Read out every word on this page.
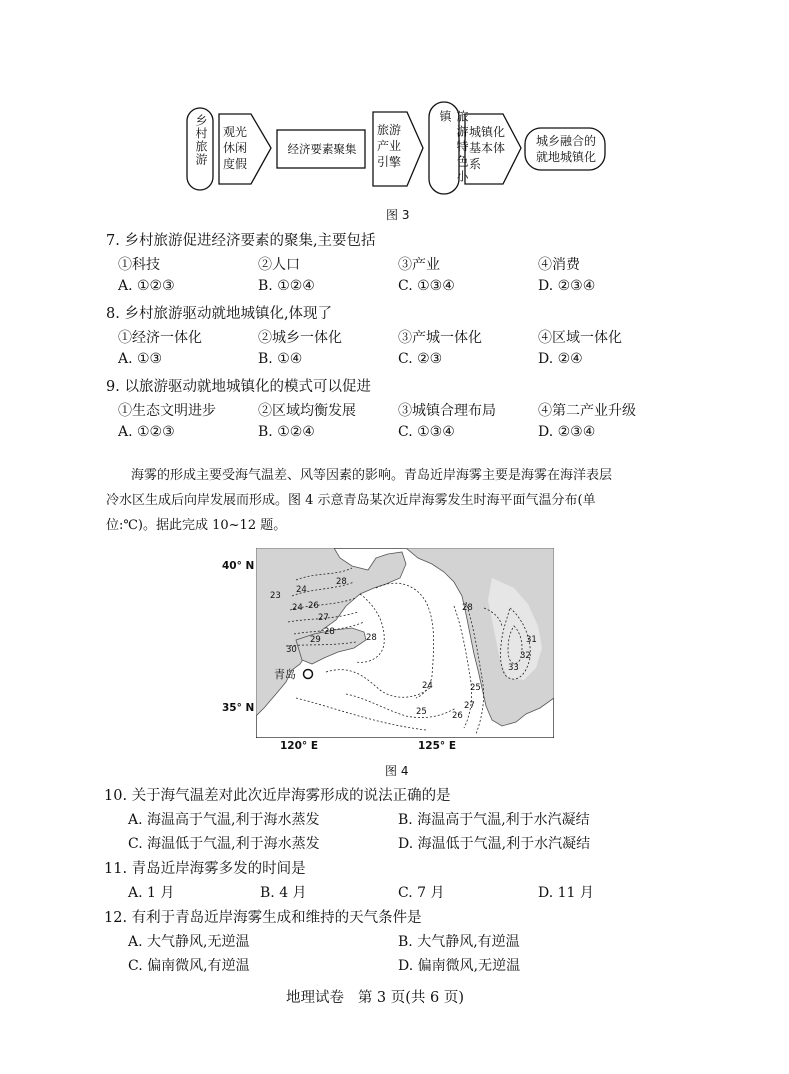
乡村旅游 观光休闲度假
经济要素聚集
旅游产业引擎	旅游特色小镇
城镇化基本体系
城乡融合的就地城镇化
图 3
7. 乡村旅游促进经济要素的聚集,主要包括
①科技	②人口	③产业	④消费
A. ①②③	B. ①②④	C. ①③④	D. ②③④
8. 乡村旅游驱动就地城镇化,体现了
①经济一体化	②城乡一体化	③产城一体化	④区域一体化
A. ①③	B. ①④	C. ②③	D. ②④
9. 以旅游驱动就地城镇化的模式可以促进
①生态文明进步	②区域均衡发展	③城镇合理布局	④第二产业升级
A. ①②③	B. ①②④	C. ①③④	D. ②③④
海雾的形成主要受海气温差、风等因素的影响。青岛近岸海雾主要是海雾在海洋表层
冷水区生成后向岸发展而形成。图 4 示意青岛某次近岸海雾发生时海平面气温分布(单
位:℃)。据此完成 10~12 题。
40° N
35° N
120° E	125° E
23
24
26
27
28
29
30
28
24
25	26
27
31
32
33
28
25
28
24
青岛
图 4
10. 关于海气温差对此次近岸海雾形成的说法正确的是
A. 海温高于气温,利于海水蒸发	B. 海温高于气温,利于水汽凝结
C. 海温低于气温,利于海水蒸发	D. 海温低于气温,利于水汽凝结
11. 青岛近岸海雾多发的时间是
A. 1 月	B. 4 月	C. 7 月	D. 11 月
12. 有利于青岛近岸海雾生成和维持的天气条件是
A. 大气静风,无逆温	B. 大气静风,有逆温
C. 偏南微风,有逆温	D. 偏南微风,无逆温
地理试卷   第 3 页(共 6 页)
